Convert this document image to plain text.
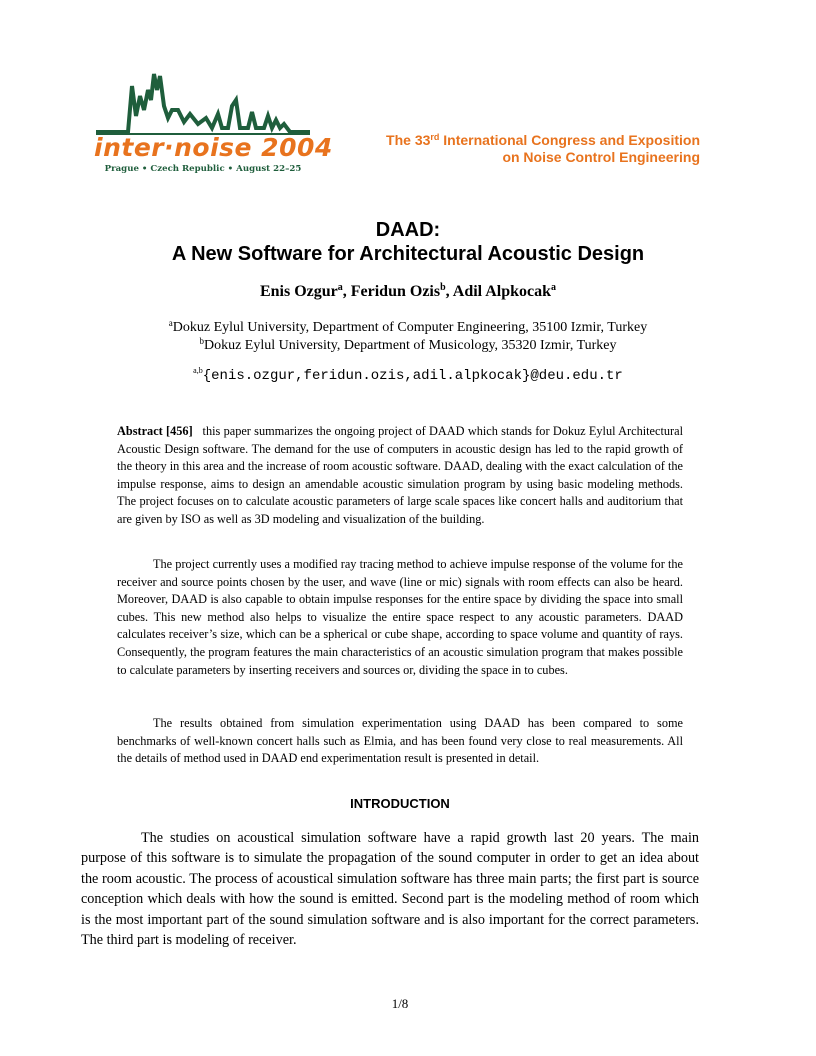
inter·noise 2004
Prague • Czech Republic • August 22–25
The 33rd International Congress and Exposition
on Noise Control Engineering
DAAD:
A New Software for Architectural Acoustic Design
Enis Ozgur$^a$, Feridun Ozis$^b$, Adil Alpkocak$^a$
$^a$Dokuz Eylul University, Department of Computer Engineering, 35100 Izmir, Turkey
$^b$Dokuz Eylul University, Department of Musicology, 35320 Izmir, Turkey
$^{a,b}${enis.ozgur,feridun.ozis,adil.alpkocak}@deu.edu.tr
Abstract [456] this paper summarizes the ongoing project of DAAD which stands for Dokuz Eylul Architectural Acoustic Design software. The demand for the use of computers in acoustic design has led to the rapid growth of the theory in this area and the increase of room acoustic software. DAAD, dealing with the exact calculation of the impulse response, aims to design an amendable acoustic simulation program by using basic modeling methods. The project focuses on to calculate acoustic parameters of large scale spaces like concert halls and auditorium that are given by ISO as well as 3D modeling and visualization of the building.
The project currently uses a modified ray tracing method to achieve impulse response of the volume for the receiver and source points chosen by the user, and wave (line or mic) signals with room effects can also be heard. Moreover, DAAD is also capable to obtain impulse responses for the entire space by dividing the space into small cubes. This new method also helps to visualize the entire space respect to any acoustic parameters. DAAD calculates receiver’s size, which can be a spherical or cube shape, according to space volume and quantity of rays. Consequently, the program features the main characteristics of an acoustic simulation program that makes possible to calculate parameters by inserting receivers and sources or, dividing the space in to cubes.
The results obtained from simulation experimentation using DAAD has been compared to some benchmarks of well-known concert halls such as Elmia, and has been found very close to real measurements. All the details of method used in DAAD end experimentation result is presented in detail.
INTRODUCTION
The studies on acoustical simulation software have a rapid growth last 20 years. The main purpose of this software is to simulate the propagation of the sound computer in order to get an idea about the room acoustic. The process of acoustical simulation software has three main parts; the first part is source conception which deals with how the sound is emitted. Second part is the modeling method of room which is the most important part of the sound simulation software and is also important for the correct parameters. The third part is modeling of receiver.
1/8
